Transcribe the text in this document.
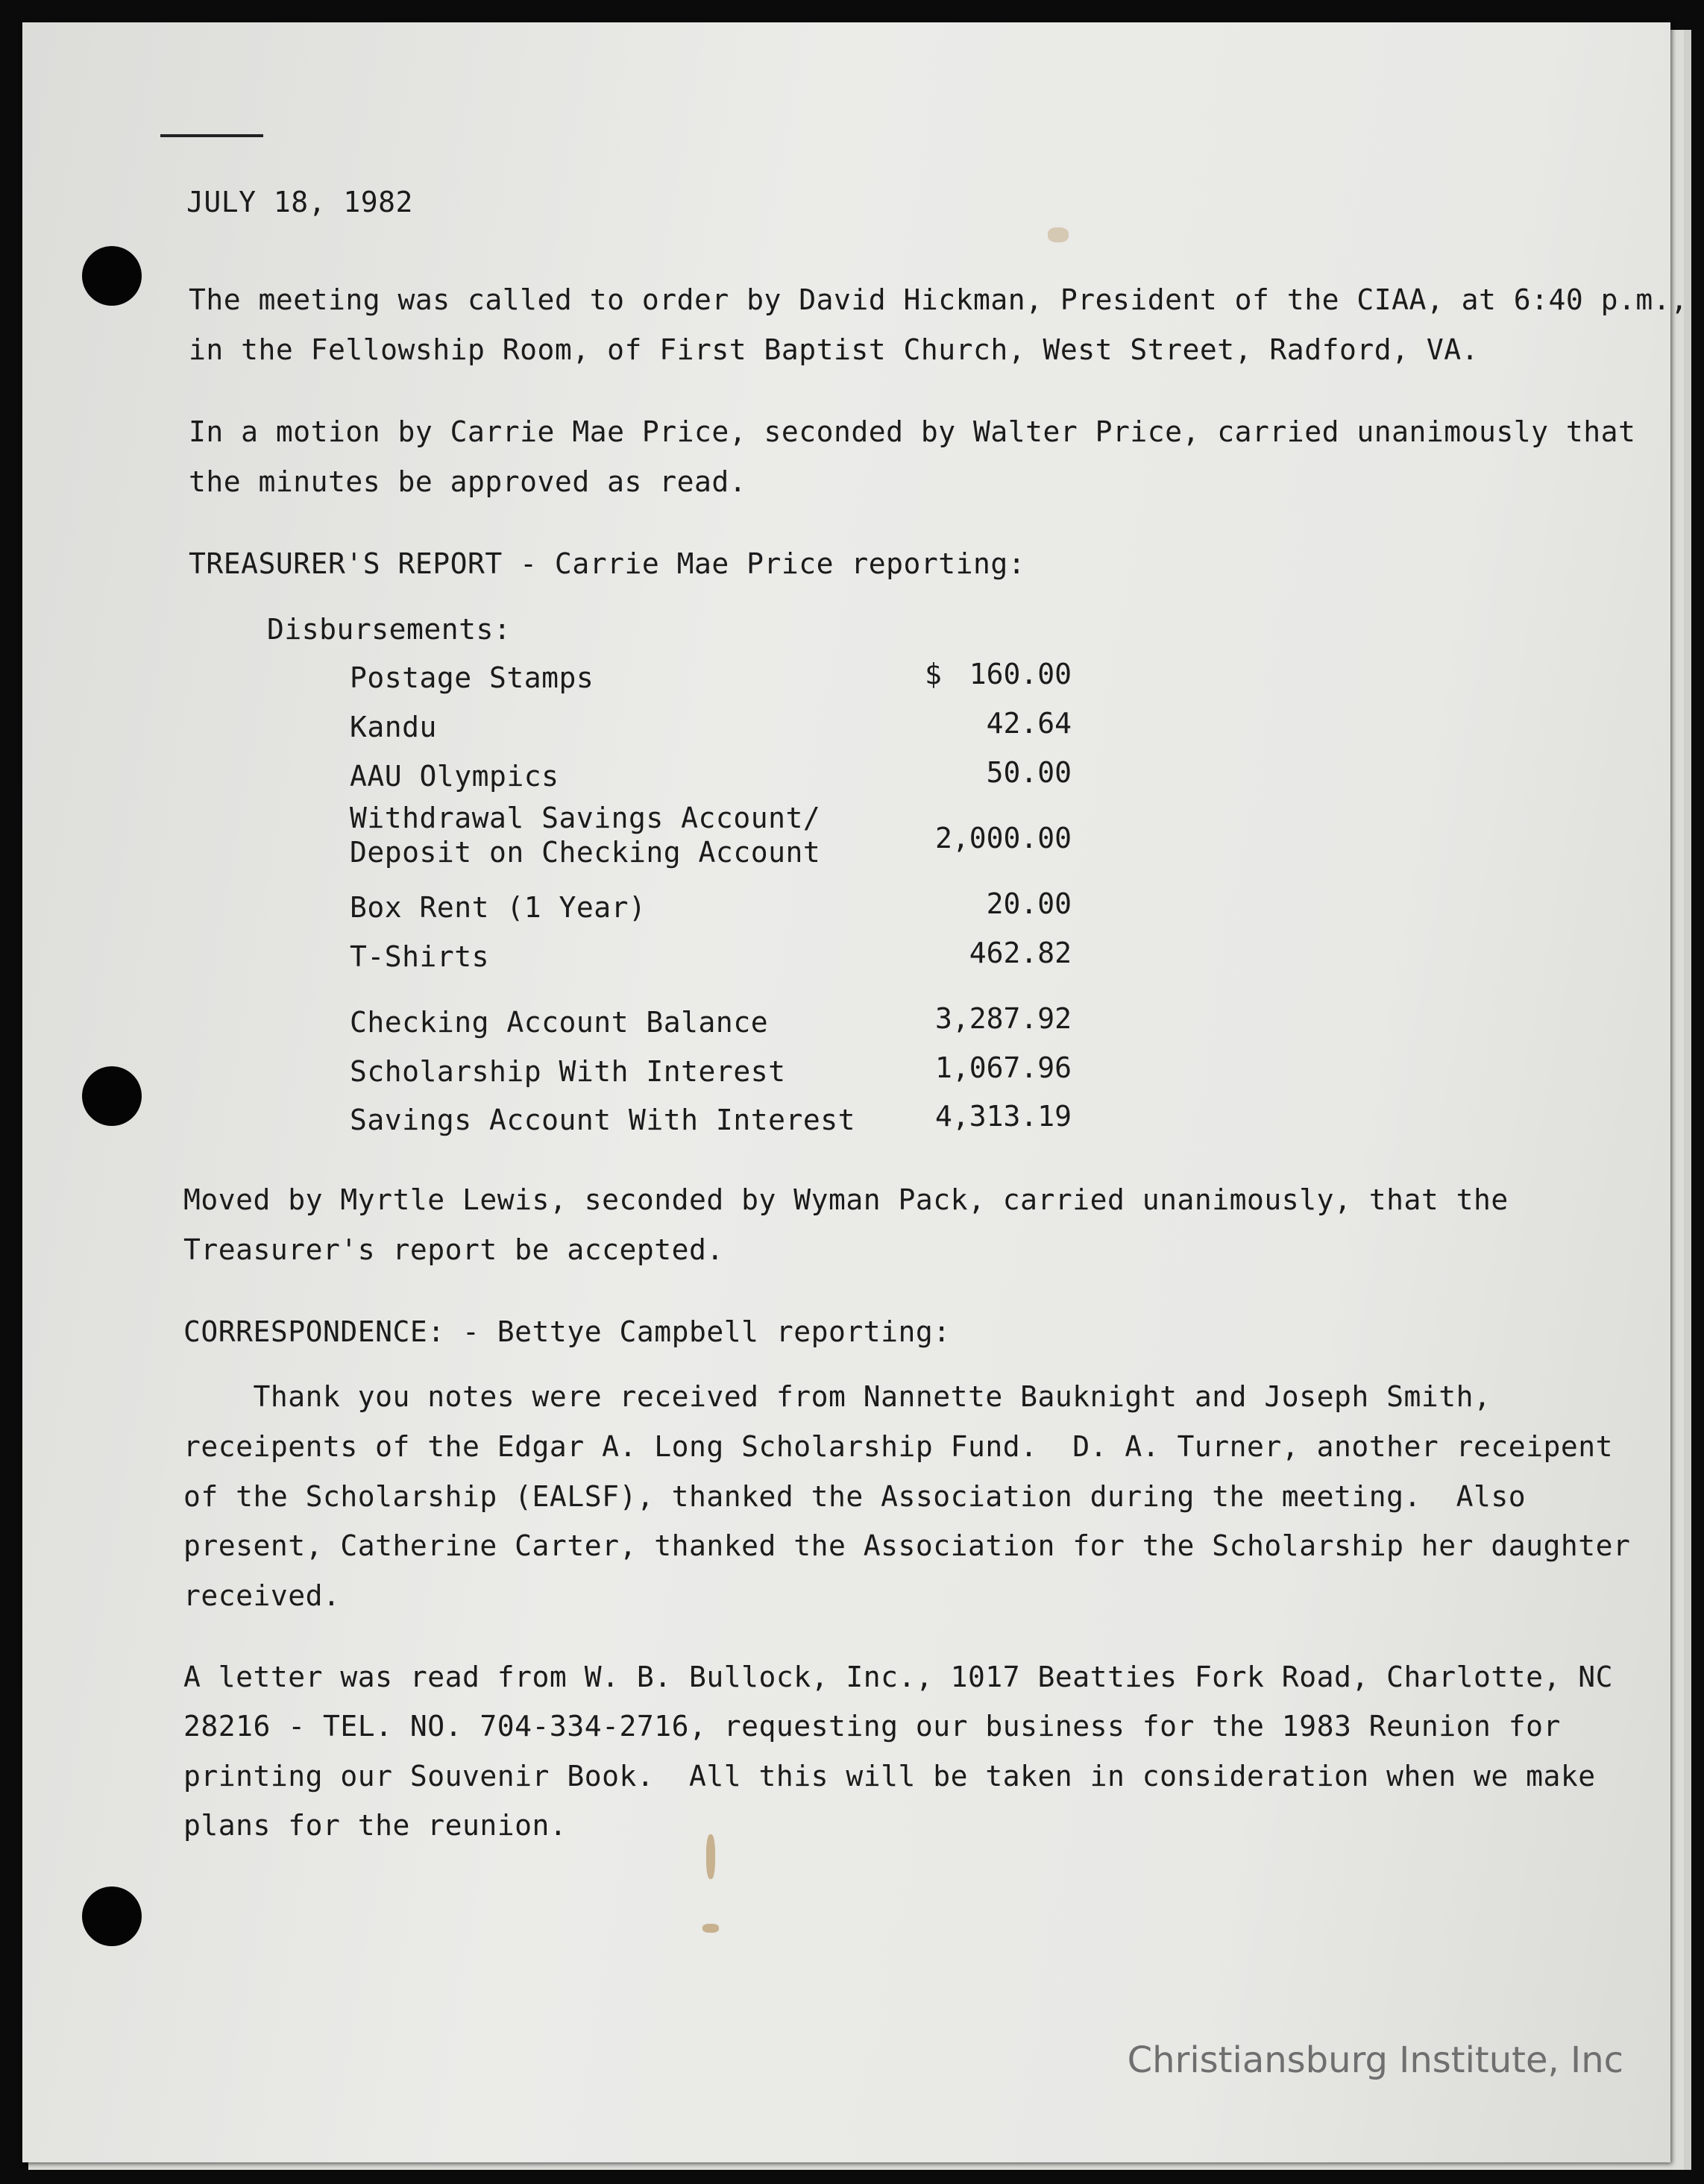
JULY 18, 1982
The meeting was called to order by David Hickman, President of the CIAA, at 6:40 p.m.,
in the Fellowship Room, of First Baptist Church, West Street, Radford, VA.
In a motion by Carrie Mae Price, seconded by Walter Price, carried unanimously that
the minutes be approved as read.
TREASURER'S REPORT - Carrie Mae Price reporting:
Disbursements:
Postage Stamps	$ 160.00
Kandu	42.64
AAU Olympics	50.00
Withdrawal Savings Account/
Deposit on Checking Account	2,000.00
Box Rent (1 Year)	20.00
T-Shirts	462.82
Checking Account Balance	3,287.92
Scholarship With Interest	1,067.96
Savings Account With Interest	4,313.19
Moved by Myrtle Lewis, seconded by Wyman Pack, carried unanimously, that the
Treasurer's report be accepted.
CORRESPONDENCE: - Bettye Campbell reporting:
Thank you notes were received from Nannette Bauknight and Joseph Smith,
receipents of the Edgar A. Long Scholarship Fund.  D. A. Turner, another receipent
of the Scholarship (EALSF), thanked the Association during the meeting.  Also
present, Catherine Carter, thanked the Association for the Scholarship her daughter
received.
A letter was read from W. B. Bullock, Inc., 1017 Beatties Fork Road, Charlotte, NC
28216 - TEL. NO. 704-334-2716, requesting our business for the 1983 Reunion for
printing our Souvenir Book.  All this will be taken in consideration when we make
plans for the reunion.
Christiansburg Institute, Inc
